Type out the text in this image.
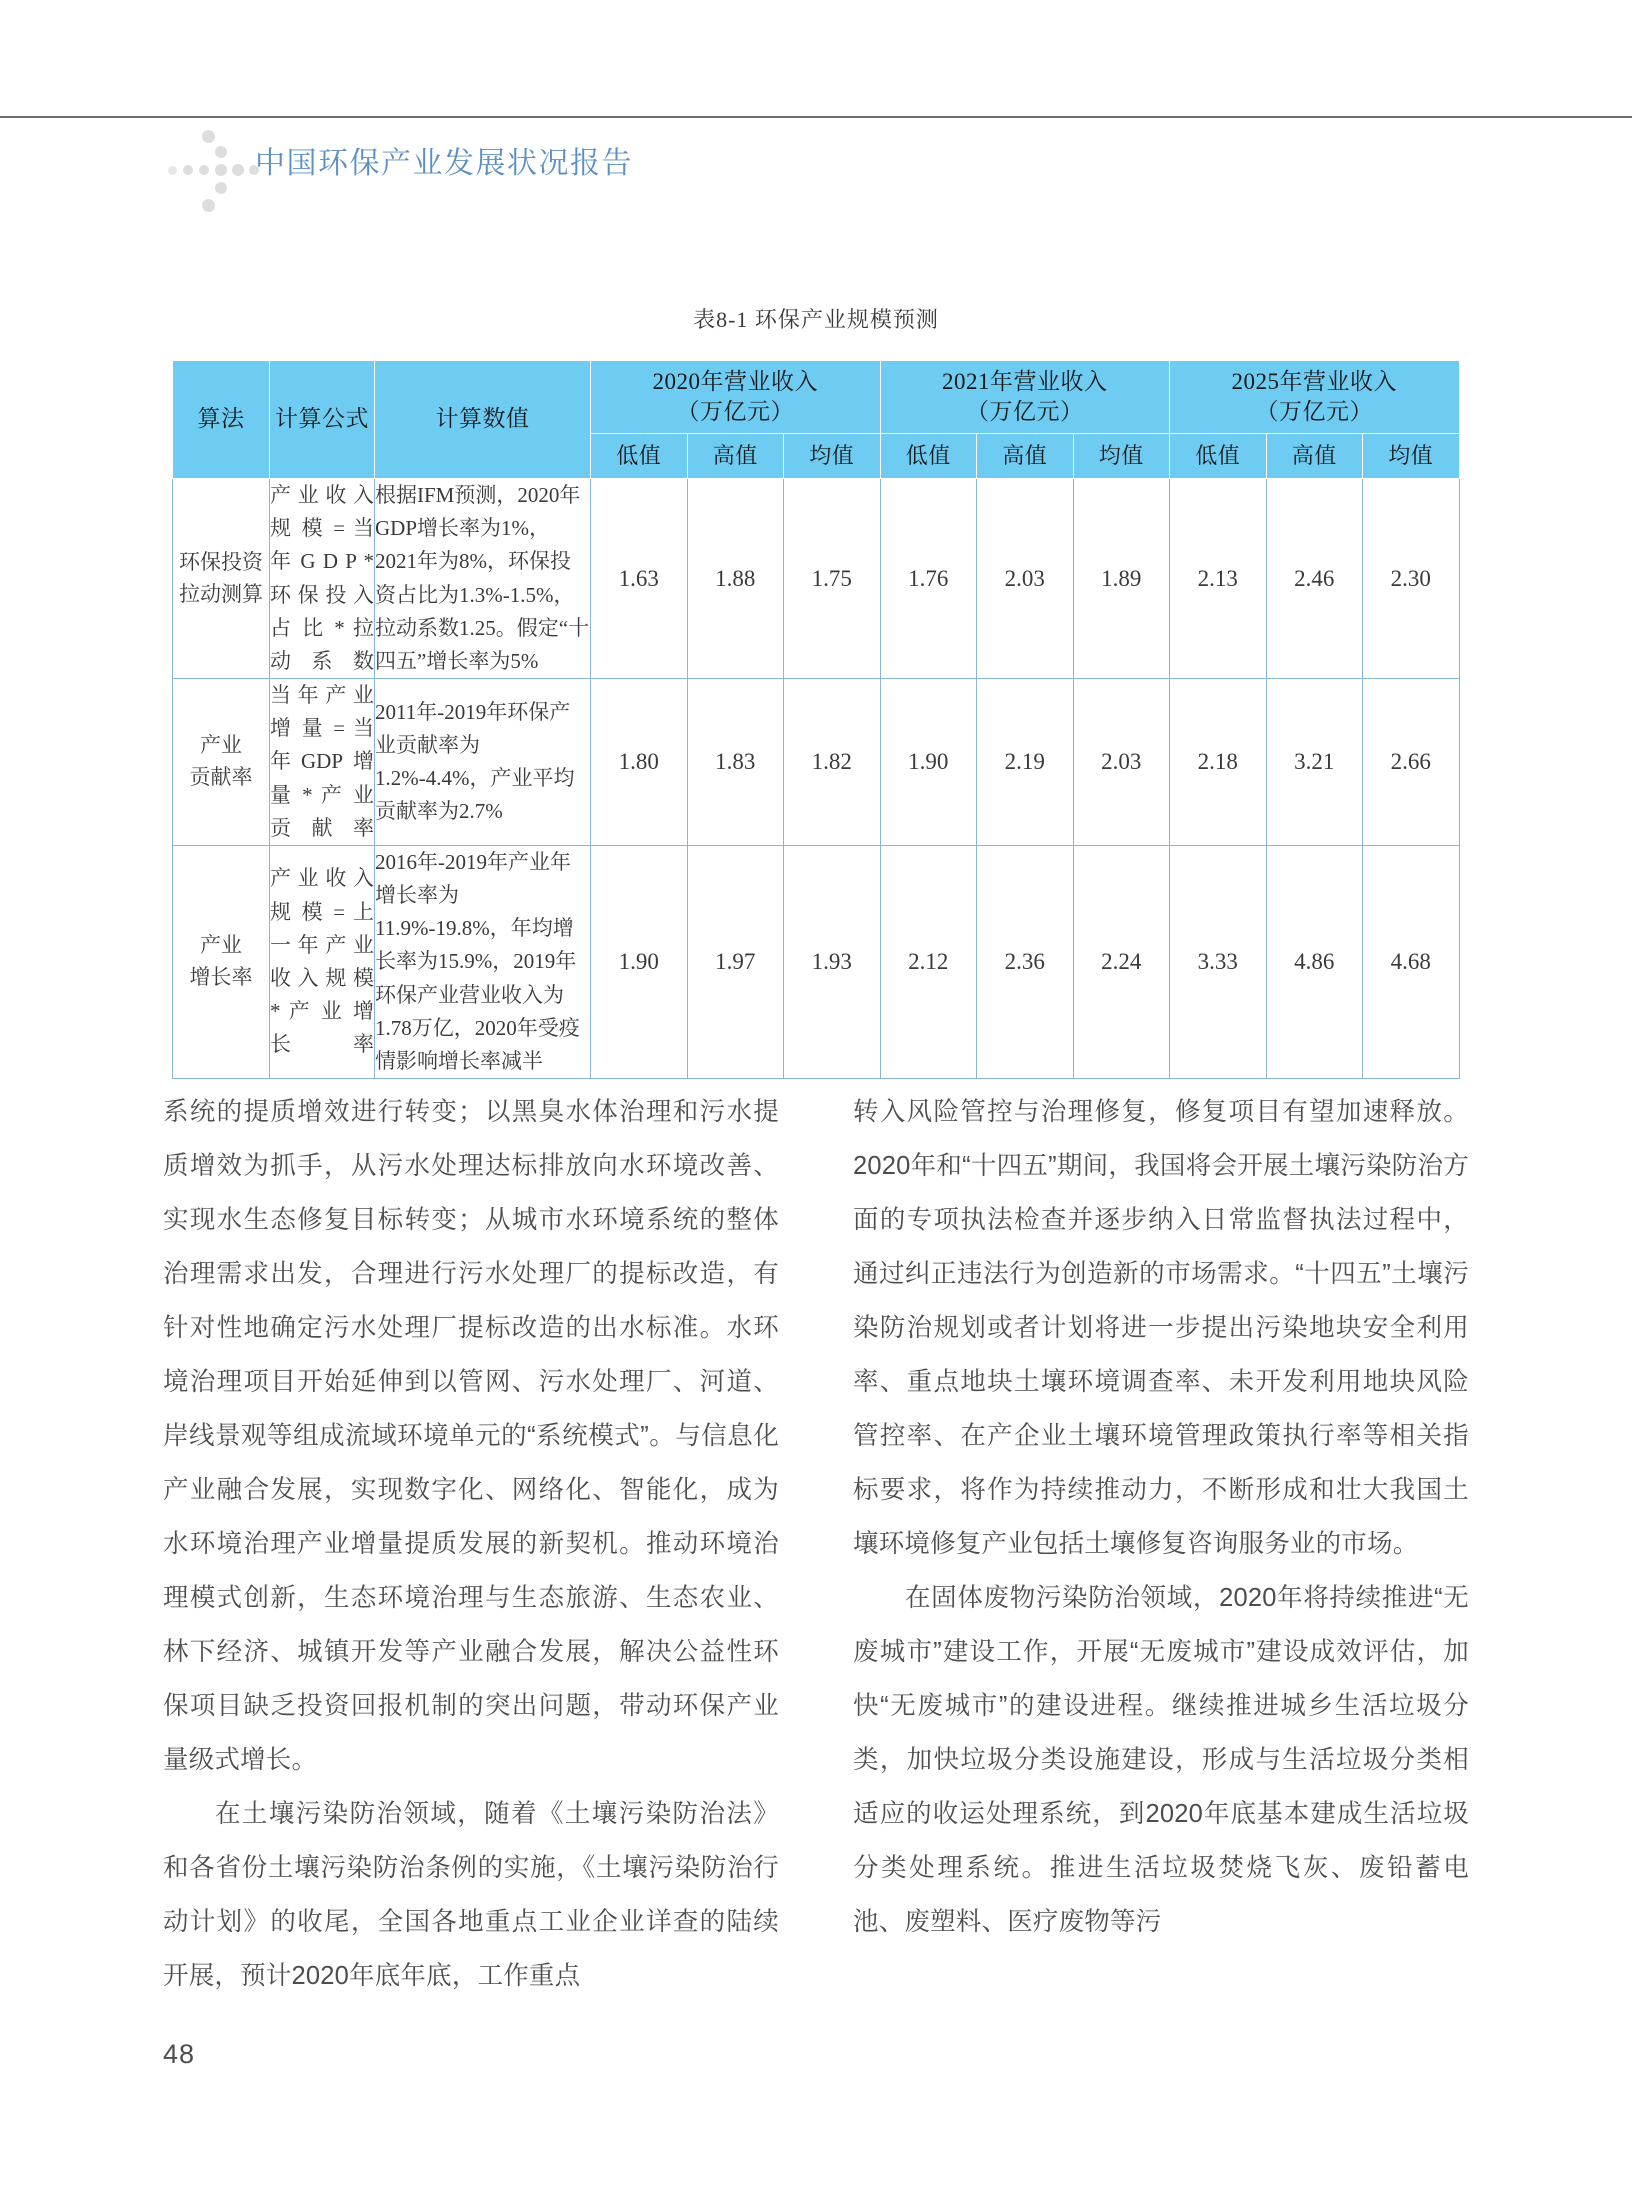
中国环保产业发展状况报告
表8-1 环保产业规模预测
算法	计算公式	计算数值	
2020年营业收入
（万亿元）

2021年营业收入
（万亿元）

2025年营业收入
（万亿元）

			低值	高值	均值	低值	高值	均值	低值	高值	均值

环保投资
拉动测算	产业收入规 模 = 当年 G D P * 环保投入占 比 * 拉动系数	根据IFM预测，2020年GDP增长率为1%，2021年为8%，环保投资占比为1.3%-1.5%，拉动系数1.25。假定“十四五”增长率为5%	1.63	1.88	1.75	1.76	2.03	1.89	2.13	2.46	2.30

产业
贡献率	当 年 产 业增 量 = 当年GDP增量 * 产 业贡献率	2011年-2019年环保产业贡献率为1.2%-4.4%，产业平均贡献率为2.7%	1.80	1.83	1.82	1.90	2.19	2.03	2.18	3.21	2.66

产业
增长率	产业收入规 模 = 上一 年 产 业收 入 规 模* 产 业 增长率	2016年-2019年产业年增长率为11.9%-19.8%，年均增长率为15.9%，2019年环保产业营业收入为1.78万亿，2020年受疫情影响增长率减半	1.90	1.97	1.93	2.12	2.36	2.24	3.33	4.86	4.68

系统的提质增效进行转变；以黑臭水体治理和污水提质增效为抓手，从污水处理达标排放向水环境改善、实现水生态修复目标转变；从城市水环境系统的整体治理需求出发，合理进行污水处理厂的提标改造，有针对性地确定污水处理厂提标改造的出水标准。水环境治理项目开始延伸到以管网、污水处理厂、河道、岸线景观等组成流域环境单元的“系统模式”。与信息化产业融合发展，实现数字化、网络化、智能化，成为水环境治理产业增量提质发展的新契机。推动环境治理模式创新，生态环境治理与生态旅游、生态农业、林下经济、城镇开发等产业融合发展，解决公益性环保项目缺乏投资回报机制的突出问题，带动环保产业量级式增长。

在土壤污染防治领域，随着《土壤污染防治法》和各省份土壤污染防治条例的实施，《土壤污染防治行动计划》的收尾，全国各地重点工业企业详查的陆续开展，预计2020年底年底，工作重点

转入风险管控与治理修复，修复项目有望加速释放。2020年和“十四五”期间，我国将会开展土壤污染防治方面的专项执法检查并逐步纳入日常监督执法过程中，通过纠正违法行为创造新的市场需求。“十四五”土壤污染防治规划或者计划将进一步提出污染地块安全利用率、重点地块土壤环境调查率、未开发利用地块风险管控率、在产企业土壤环境管理政策执行率等相关指标要求，将作为持续推动力，不断形成和壮大我国土壤环境修复产业包括土壤修复咨询服务业的市场。

在固体废物污染防治领域，2020年将持续推进“无废城市”建设工作，开展“无废城市”建设成效评估，加快“无废城市”的建设进程。继续推进城乡生活垃圾分类，加快垃圾分类设施建设，形成与生活垃圾分类相适应的收运处理系统，到2020年底基本建成生活垃圾分类处理系统。推进生活垃圾焚烧飞灰、废铅蓄电池、废塑料、医疗废物等污

48
